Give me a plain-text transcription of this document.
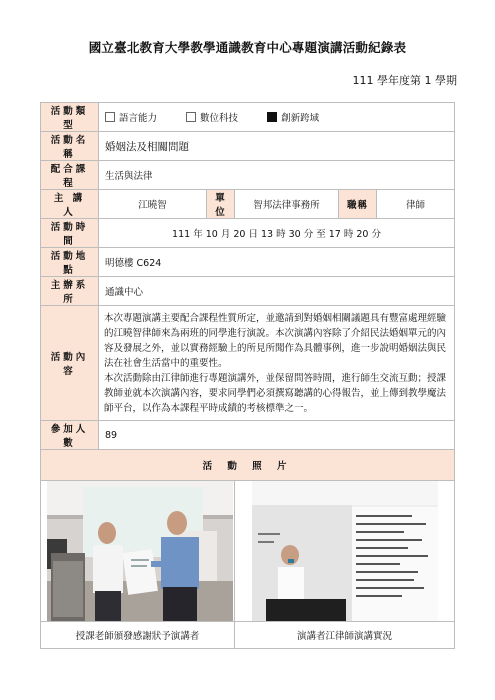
國立臺北教育大學教學通識教育中心專題演講活動紀錄表
111 學年度第 1 學期
活動類型	語言能力
數位科技
創新跨域				

活動名稱	婚姻法及相關問題				
配合課程	生活與法律				
主 講 人	江曉智	單位	智邦法律事務所	職稱	律師
活動時間	111 年 10 月 20 日 13 時 30 分 至 17 時 20 分				
活動地點	明德樓 C624				
主辦系所	通識中心				
活動內容	本次專題演講主要配合課程性質所定，並邀請到對婚姻相關議題具有豐富處理經驗的江曉智律師來為兩班的同學進行演說。本次演講內容除了介紹民法婚姻單元的內容及發展之外，並以實務經驗上的所見所聞作為具體事例，進一步說明婚姻法與民法在社會生活當中的重要性。

本次活動除由江律師進行專題演講外，並保留問答時間，進行師生交流互動；授課教師並就本次演講內容，要求同學們必須撰寫聽講的心得報告，並上傳到教學魔法師平台，以作為本課程平時成績的考核標準之一。				

參加人數	89				
活 動 照 片					

授課老師頒發感謝狀予演講者			演講者江律師演講實況		
